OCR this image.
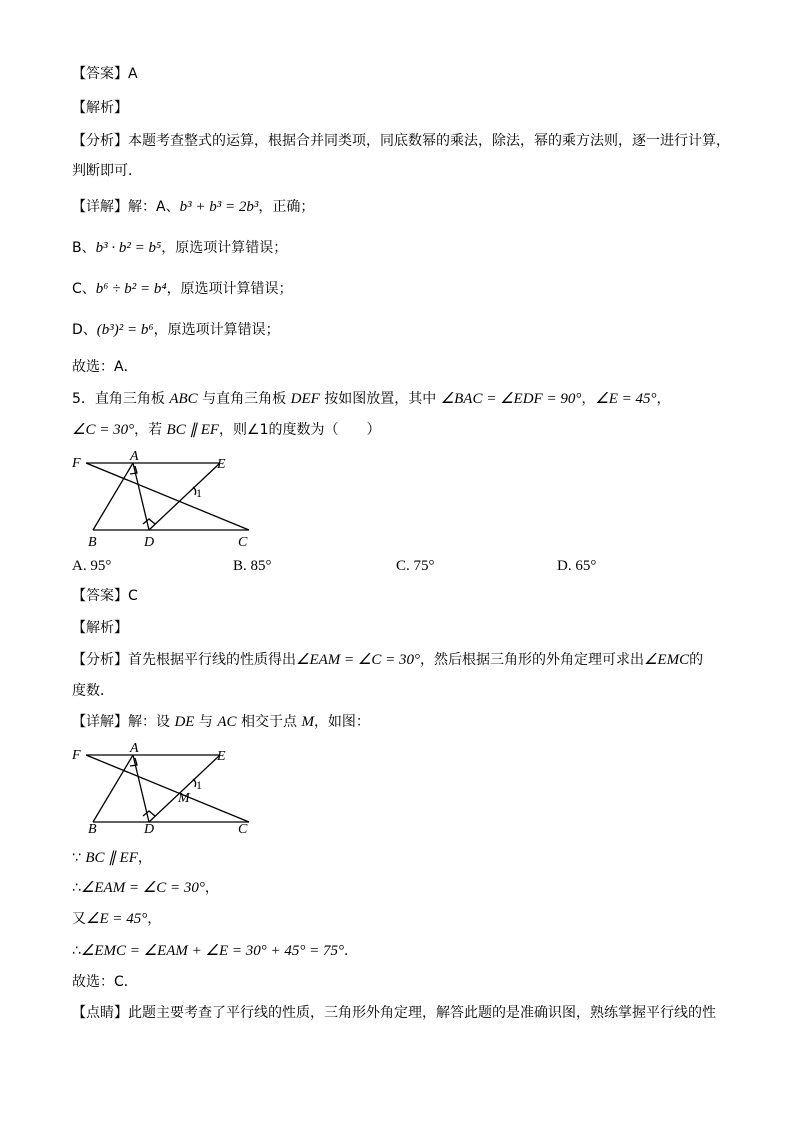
【答案】A
【解析】
【分析】本题考查整式的运算，根据合并同类项，同底数幂的乘法，除法，幂的乘方法则，逐一进行计算，
判断即可．
【详解】解：A、b³ + b³ = 2b³，正确；
B、b³ · b² = b⁵，原选项计算错误；
C、b⁶ ÷ b² = b⁴，原选项计算错误；
D、(b³)² = b⁶，原选项计算错误；
故选：A．
5．直角三角板 ABC 与直角三角板 DEF 按如图放置，其中 ∠BAC = ∠EDF = 90°，∠E = 45°，
∠C = 30°，若 BC ∥ EF，则∠1的度数为（　　）
F	A
E
B	D	C
1
A. 95°	B. 85°	C. 75°	D. 65°
【答案】C
【解析】
【分析】首先根据平行线的性质得出∠EAM = ∠C = 30°，然后根据三角形的外角定理可求出∠EMC的
度数．
【详解】解：设 DE 与 AC 相交于点 M，如图：
F	A
E
B	D	C
1
M
∵ BC ∥ EF，
∴∠EAM = ∠C = 30°，
又∠E = 45°，
∴∠EMC = ∠EAM + ∠E = 30° + 45° = 75°．
故选：C．
【点睛】此题主要考查了平行线的性质，三角形外角定理，解答此题的是准确识图，熟练掌握平行线的性
